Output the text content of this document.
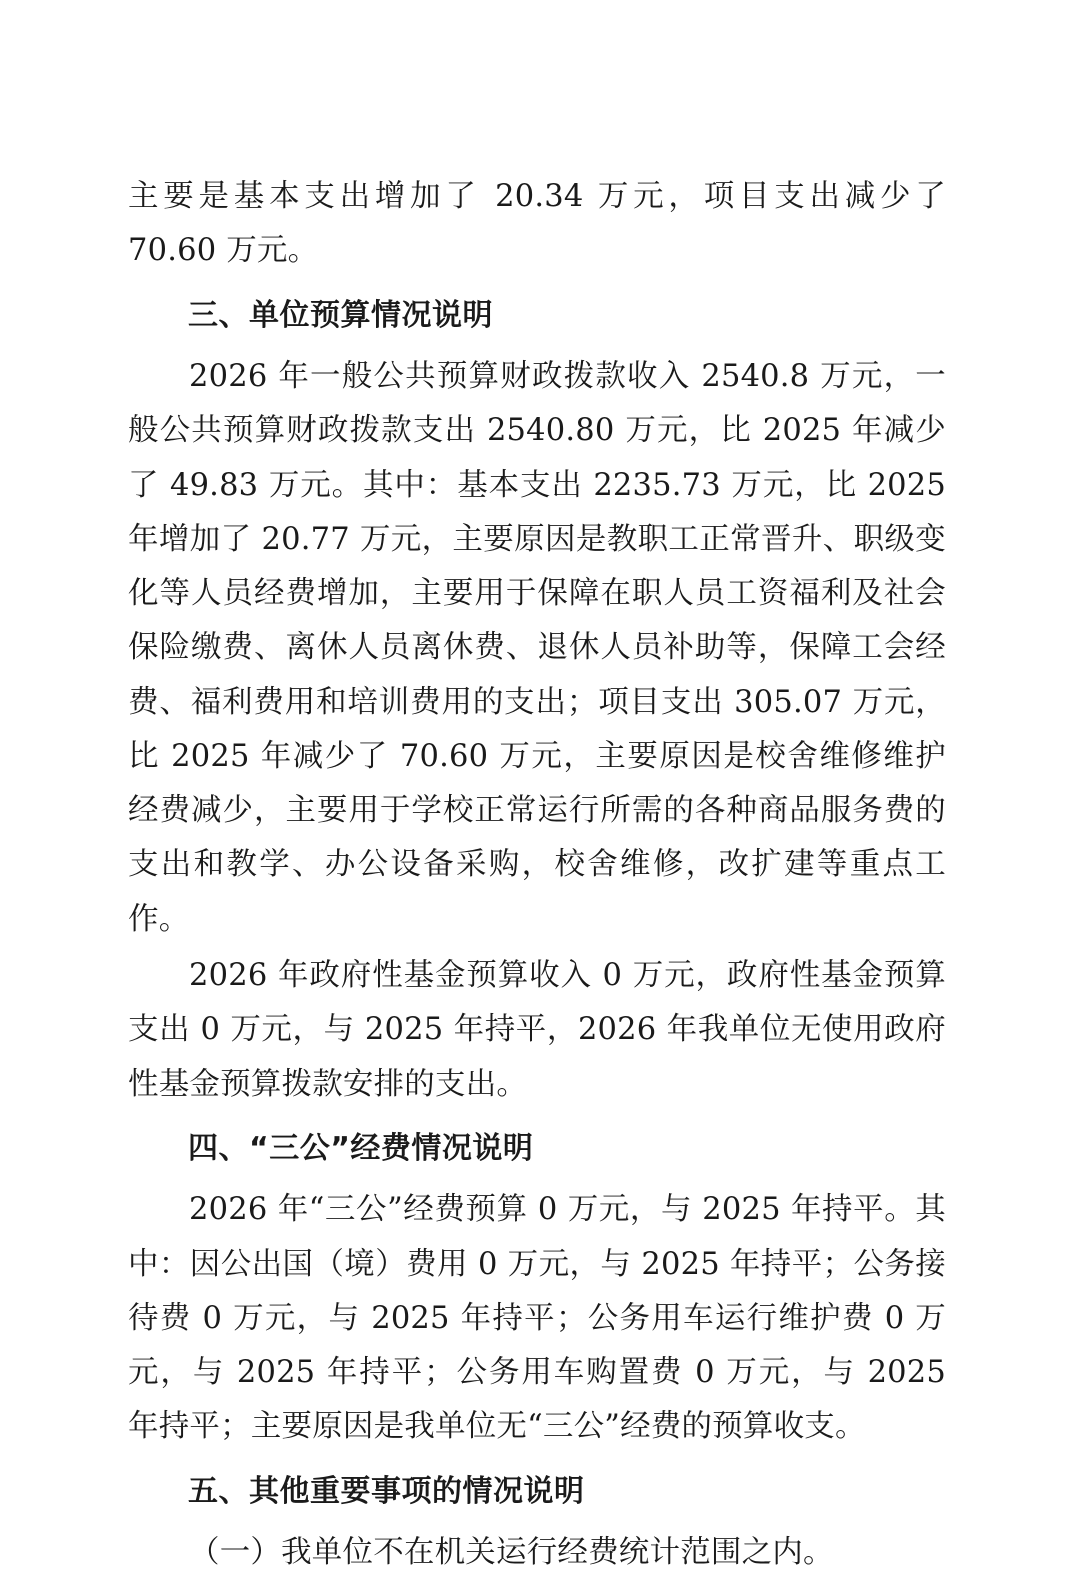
主要是基本支出增加了 20.34 万元，项目支出减少了 70.60 万元。

三、单位预算情况说明

2026 年一般公共预算财政拨款收入 2540.8 万元，一般公共预算财政拨款支出 2540.80 万元，比 2025 年减少了 49.83 万元。其中：基本支出 2235.73 万元，比 2025 年增加了 20.77 万元，主要原因是教职工正常晋升、职级变化等人员经费增加，主要用于保障在职人员工资福利及社会保险缴费、离休人员离休费、退休人员补助等，保障工会经费、福利费用和培训费用的支出；项目支出 305.07 万元，比 2025 年减少了 70.60 万元，主要原因是校舍维修维护经费减少，主要用于学校正常运行所需的各种商品服务费的支出和教学、办公设备采购，校舍维修，改扩建等重点工作。

2026 年政府性基金预算收入 0 万元，政府性基金预算支出 0 万元，与 2025 年持平，2026 年我单位无使用政府性基金预算拨款安排的支出。

四、“三公”经费情况说明

2026 年“三公”经费预算 0 万元，与 2025 年持平。其中：因公出国（境）费用 0 万元，与 2025 年持平；公务接待费 0 万元，与 2025 年持平；公务用车运行维护费 0 万元，与 2025 年持平；公务用车购置费 0 万元，与 2025 年持平；主要原因是我单位无“三公”经费的预算收支。

五、其他重要事项的情况说明

（一）我单位不在机关运行经费统计范围之内。
